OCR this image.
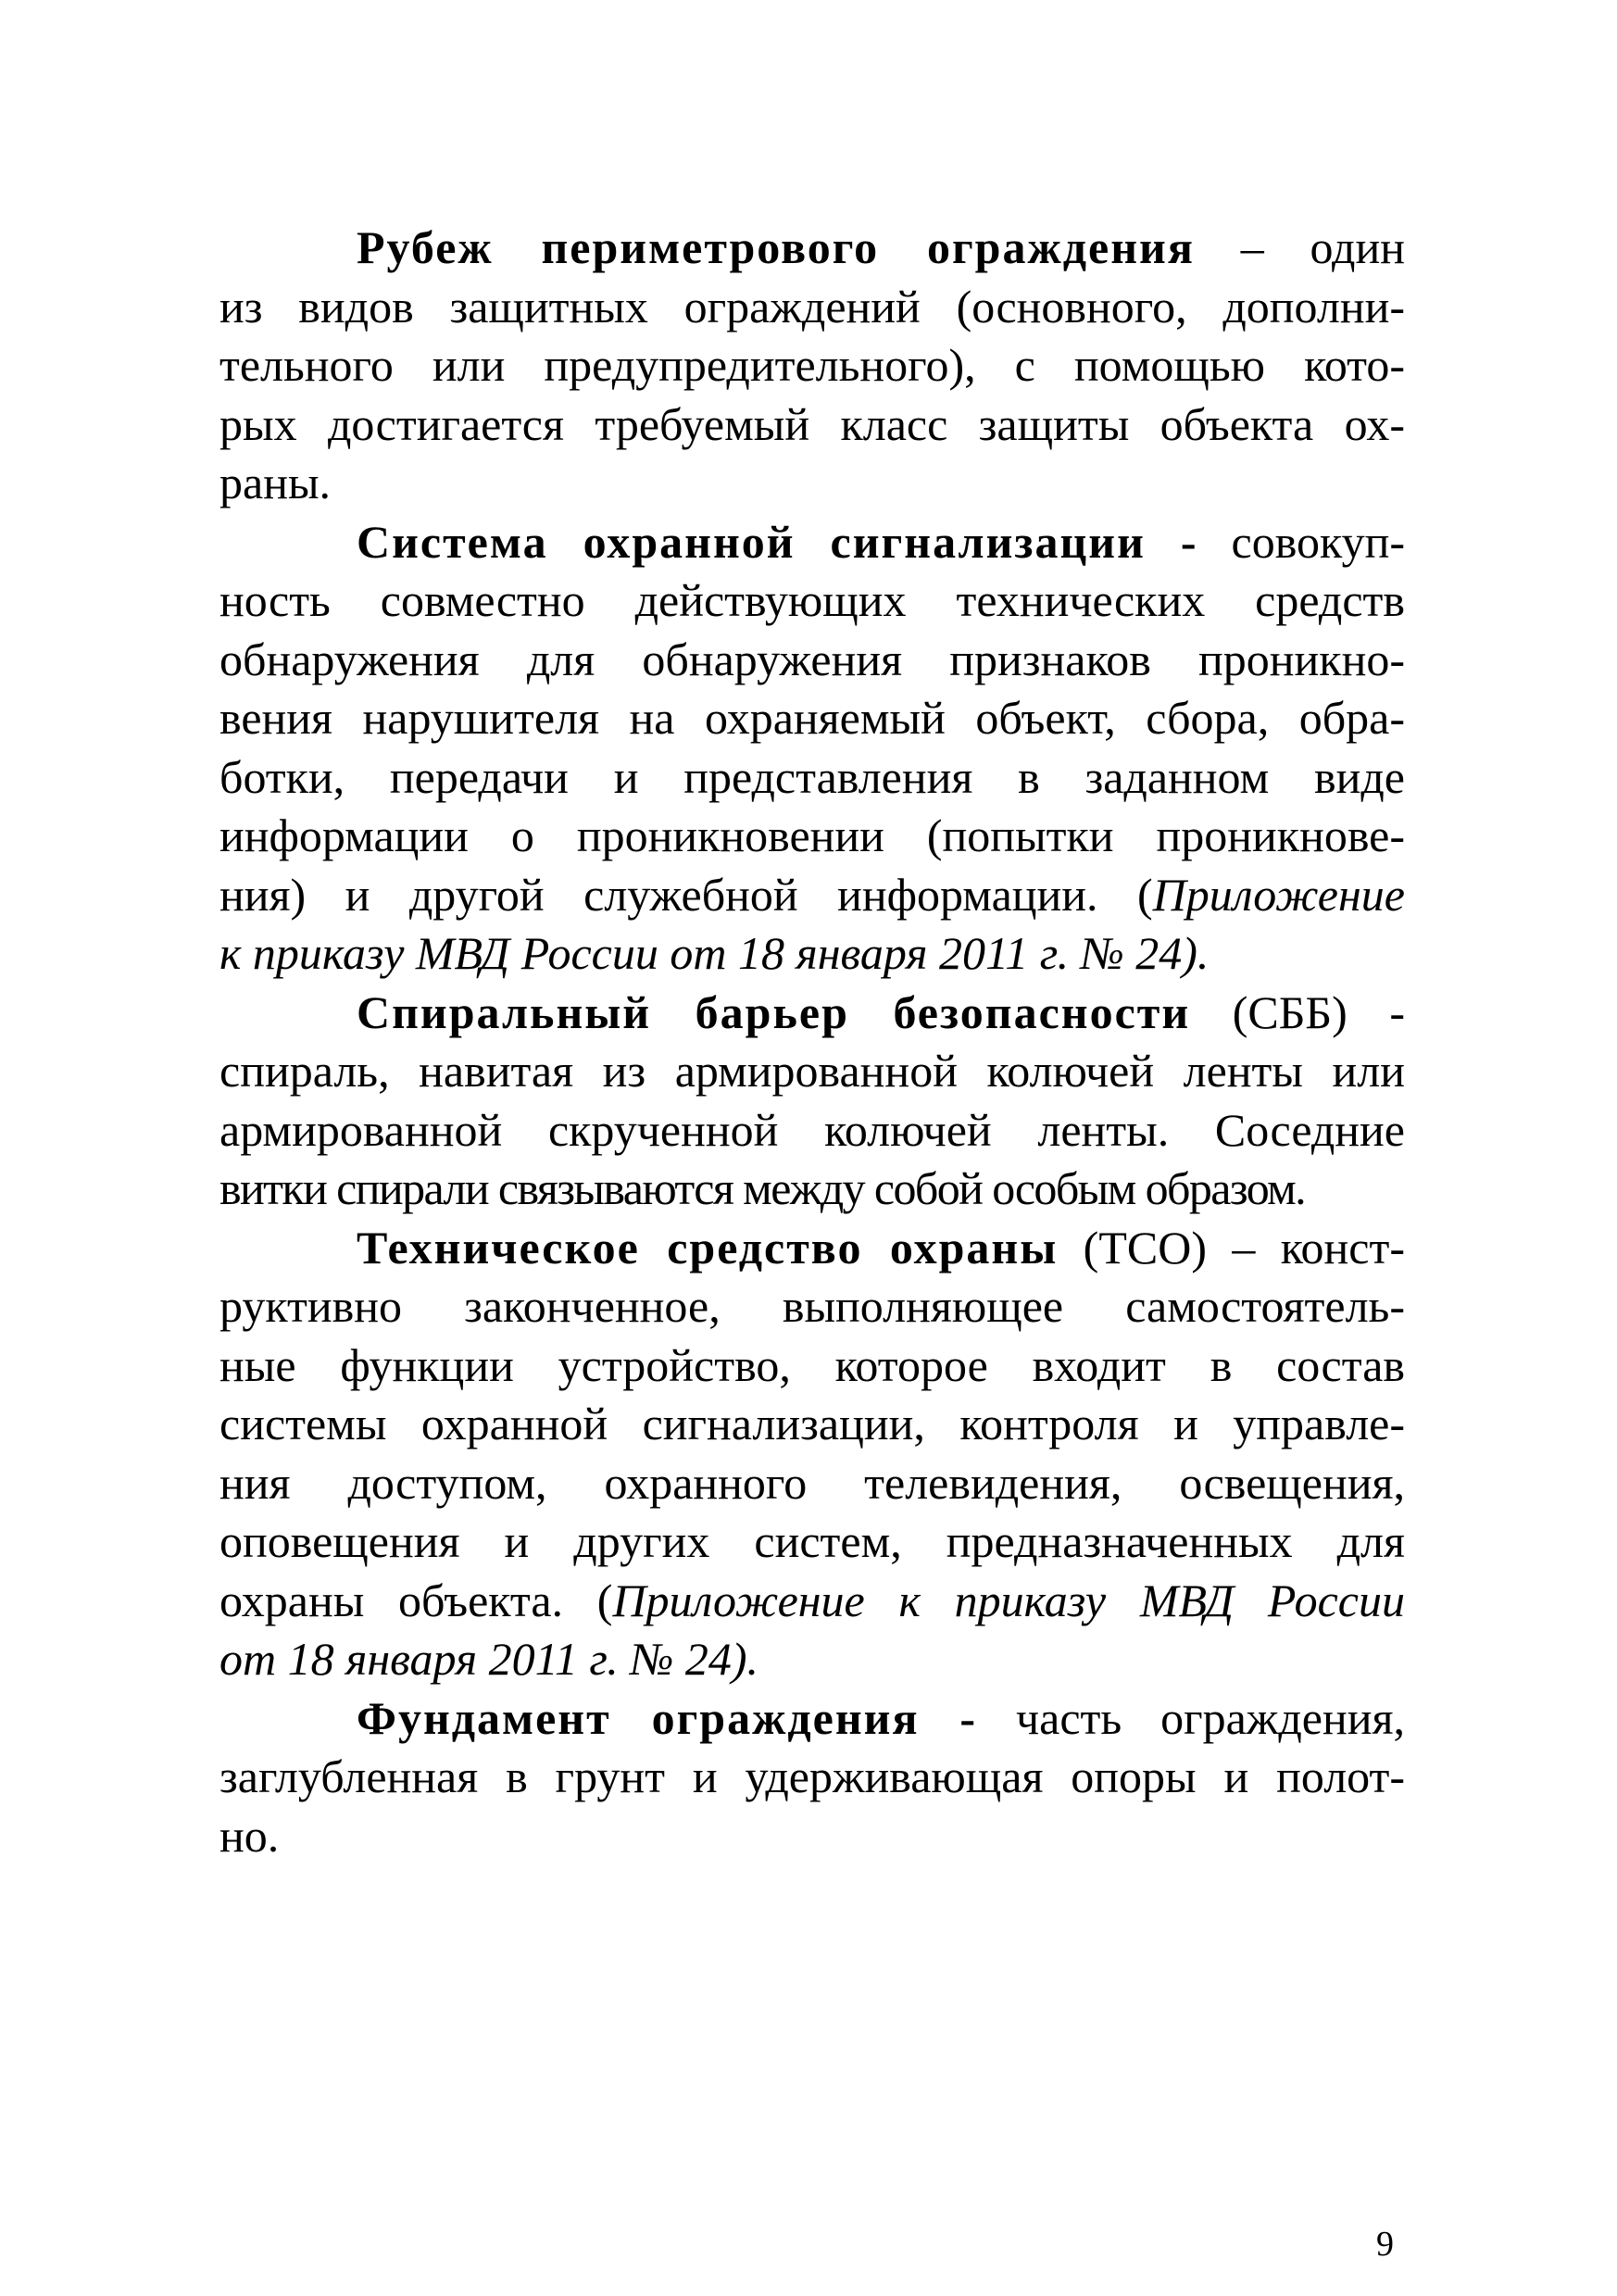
Рубеж периметрового ограждения – один
из видов защитных ограждений (основного, дополни-
тельного или предупредительного), с помощью кото-
рых достигается требуемый класс защиты объекта ох-
раны.
Система охранной сигнализации - совокуп-
ность совместно действующих технических средств
обнаружения для обнаружения признаков проникно-
вения нарушителя на охраняемый объект, сбора, обра-
ботки, передачи и представления в заданном виде
информации о проникновении (попытки проникнове-
ния) и другой служебной информации. (Приложение
к приказу МВД России от 18 января 2011 г. № 24).
Спиральный барьер безопасности (СББ) -
спираль, навитая из армированной колючей ленты или
армированной скрученной колючей ленты. Соседние
витки спирали связываются между собой особым образом.
Техническое средство охраны (ТСО) – конст-
руктивно законченное, выполняющее самостоятель-
ные функции устройство, которое входит в состав
системы охранной сигнализации, контроля и управле-
ния доступом, охранного телевидения, освещения,
оповещения и других систем, предназначенных для
охраны объекта. (Приложение к приказу МВД России
от 18 января 2011 г. № 24).
Фундамент ограждения - часть ограждения,
заглубленная в грунт и удерживающая опоры и полот-
но.
9
